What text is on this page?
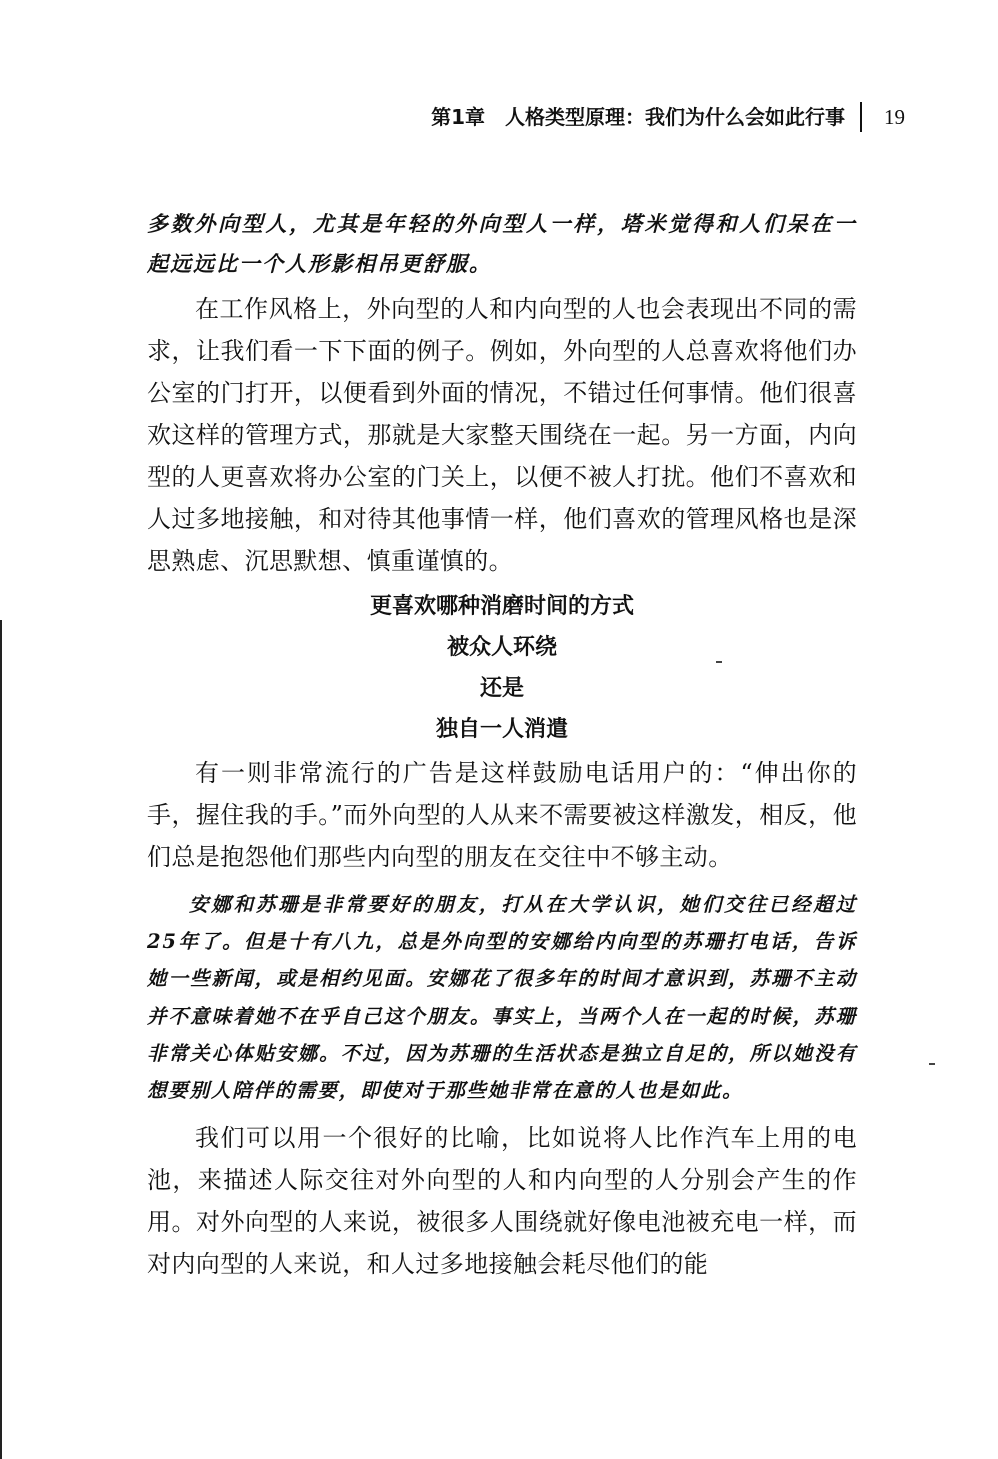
第1章　人格类型原理：我们为什么会如此行事 19

多数外向型人，尤其是年轻的外向型人一样，塔米觉得和人们呆在一起远远比一个人形影相吊更舒服。

在工作风格上，外向型的人和内向型的人也会表现出不同的需求，让我们看一下下面的例子。例如，外向型的人总喜欢将他们办公室的门打开，以便看到外面的情况，不错过任何事情。他们很喜欢这样的管理方式，那就是大家整天围绕在一起。另一方面，内向型的人更喜欢将办公室的门关上，以便不被人打扰。他们不喜欢和人过多地接触，和对待其他事情一样，他们喜欢的管理风格也是深思熟虑、沉思默想、慎重谨慎的。

更喜欢哪种消磨时间的方式

被众人环绕

还是

独自一人消遣

有一则非常流行的广告是这样鼓励电话用户的：“伸出你的手，握住我的手。”而外向型的人从来不需要被这样激发，相反，他们总是抱怨他们那些内向型的朋友在交往中不够主动。

安娜和苏珊是非常要好的朋友，打从在大学认识，她们交往已经超过25年了。但是十有八九，总是外向型的安娜给内向型的苏珊打电话，告诉她一些新闻，或是相约见面。安娜花了很多年的时间才意识到，苏珊不主动并不意味着她不在乎自己这个朋友。事实上，当两个人在一起的时候，苏珊非常关心体贴安娜。不过，因为苏珊的生活状态是独立自足的，所以她没有想要别人陪伴的需要，即使对于那些她非常在意的人也是如此。

我们可以用一个很好的比喻，比如说将人比作汽车上用的电池，来描述人际交往对外向型的人和内向型的人分别会产生的作用。对外向型的人来说，被很多人围绕就好像电池被充电一样，而对内向型的人来说，和人过多地接触会耗尽他们的能
